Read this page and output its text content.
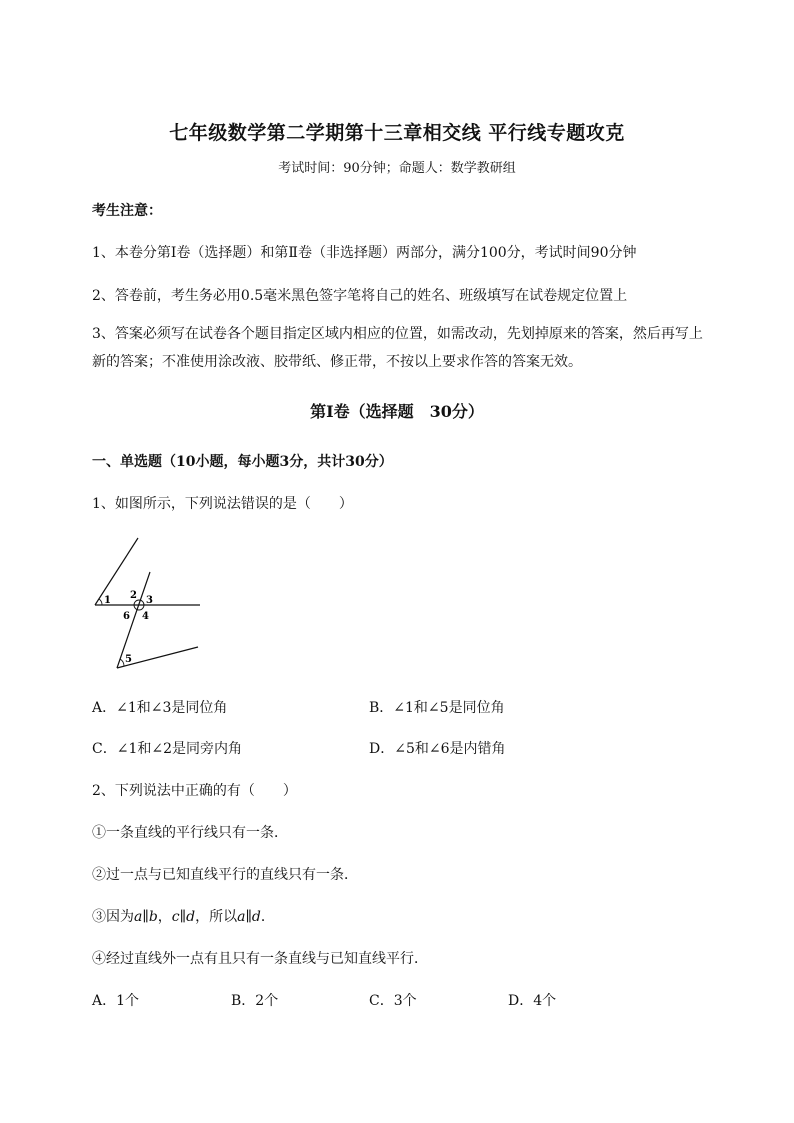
七年级数学第二学期第十三章相交线 平行线专题攻克
考试时间：90分钟；命题人：数学教研组
考生注意：
1、本卷分第I卷（选择题）和第Ⅱ卷（非选择题）两部分，满分100分，考试时间90分钟
2、答卷前，考生务必用0.5毫米黑色签字笔将自己的姓名、班级填写在试卷规定位置上
3、答案必须写在试卷各个题目指定区域内相应的位置，如需改动，先划掉原来的答案，然后再写上新的答案；不准使用涂改液、胶带纸、修正带，不按以上要求作答的答案无效。
第I卷（选择题　30分）
一、单选题（10小题，每小题3分，共计30分）
1、如图所示，下列说法错误的是（　　）
1 2 3
4
5
6
A．∠1和∠3是同位角	B．∠1和∠5是同位角
C．∠1和∠2是同旁内角	D．∠5和∠6是内错角
2、下列说法中正确的有（　　）
①一条直线的平行线只有一条．
②过一点与已知直线平行的直线只有一条．
③因为a∥b，c∥d，所以a∥d．
④经过直线外一点有且只有一条直线与已知直线平行．
A．1个	B．2个	C．3个	D．4个
